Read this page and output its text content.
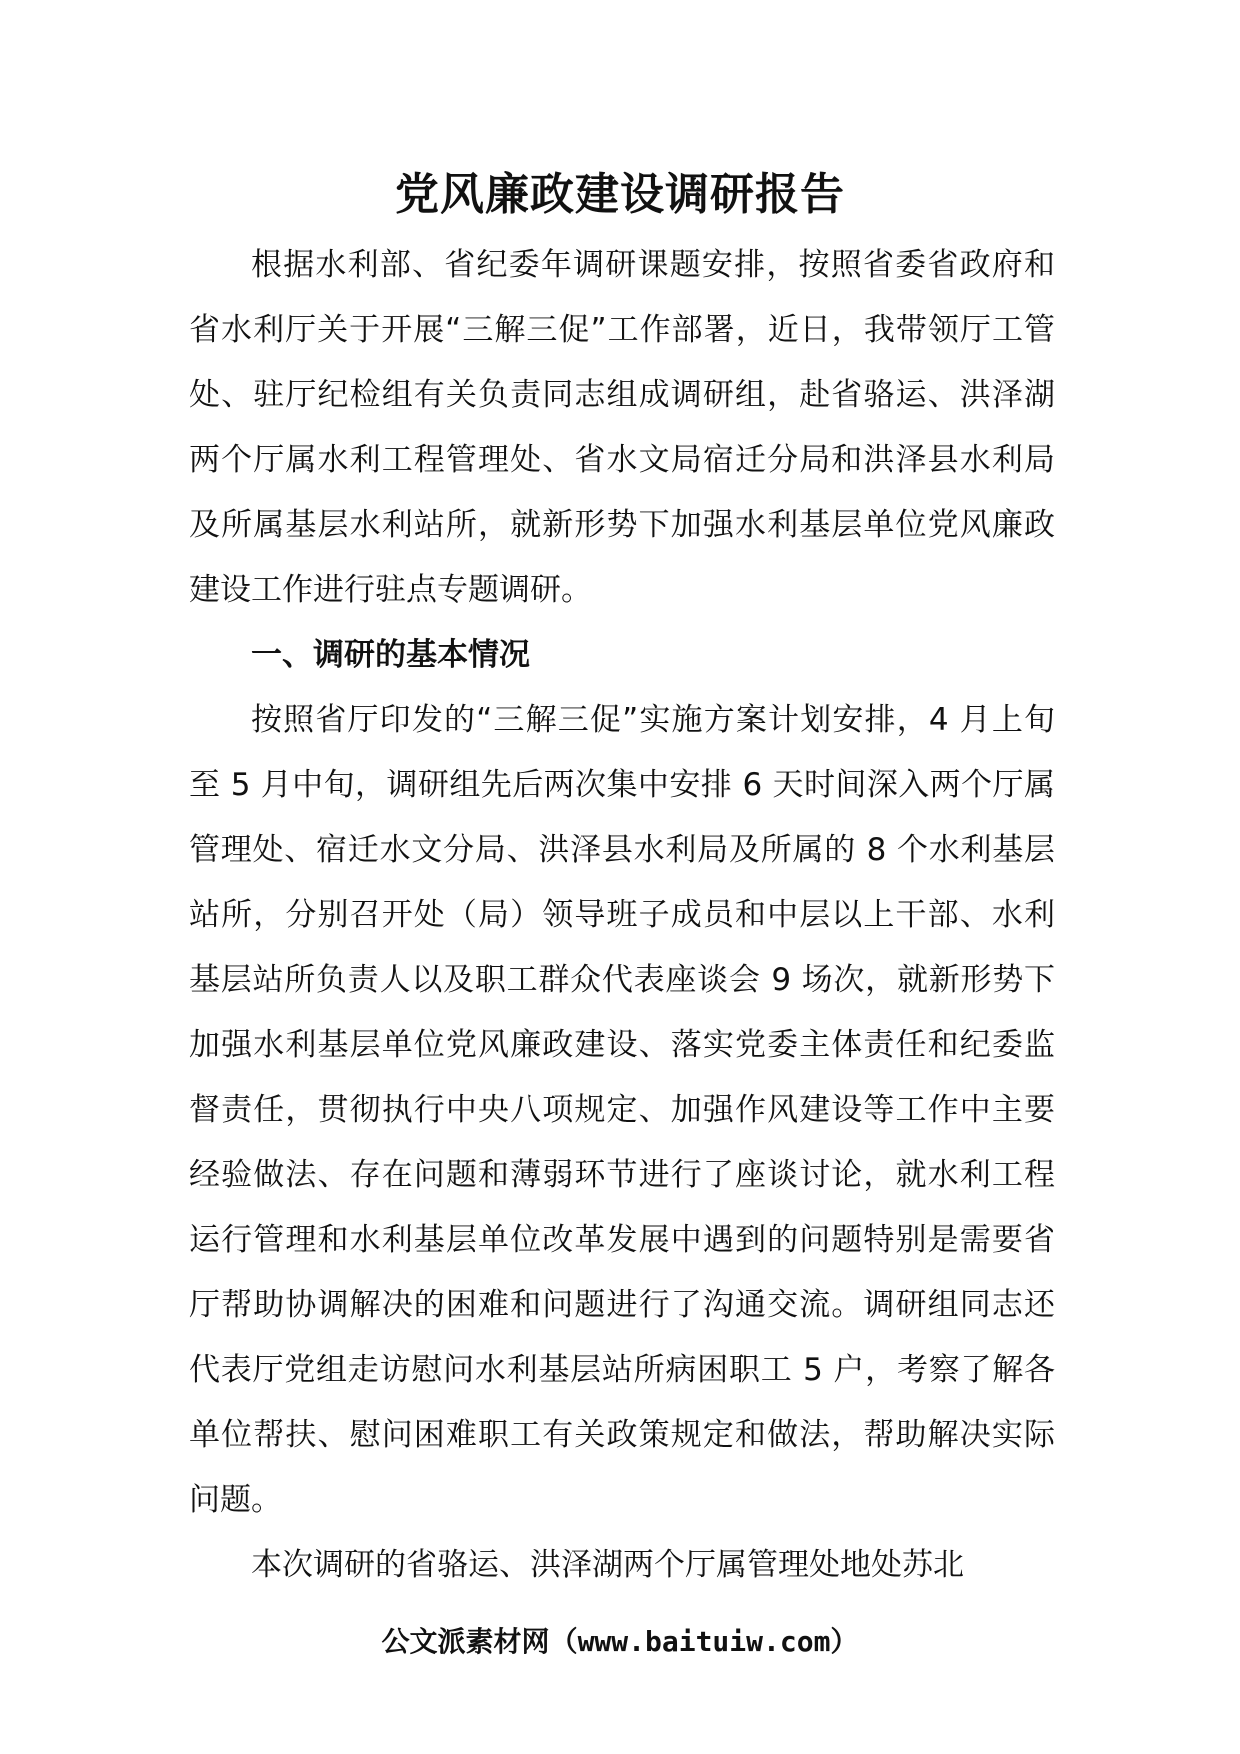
党风廉政建设调研报告

根据水利部、省纪委年调研课题安排，按照省委省政府和省水利厅关于开展“三解三促”工作部署，近日，我带领厅工管处、驻厅纪检组有关负责同志组成调研组，赴省骆运、洪泽湖两个厅属水利工程管理处、省水文局宿迁分局和洪泽县水利局及所属基层水利站所，就新形势下加强水利基层单位党风廉政建设工作进行驻点专题调研。

一、调研的基本情况

按照省厅印发的“三解三促”实施方案计划安排，4 月上旬至 5 月中旬，调研组先后两次集中安排 6 天时间深入两个厅属管理处、宿迁水文分局、洪泽县水利局及所属的 8 个水利基层站所，分别召开处（局）领导班子成员和中层以上干部、水利基层站所负责人以及职工群众代表座谈会 9 场次，就新形势下加强水利基层单位党风廉政建设、落实党委主体责任和纪委监督责任，贯彻执行中央八项规定、加强作风建设等工作中主要经验做法、存在问题和薄弱环节进行了座谈讨论，就水利工程运行管理和水利基层单位改革发展中遇到的问题特别是需要省厅帮助协调解决的困难和问题进行了沟通交流。调研组同志还代表厅党组走访慰问水利基层站所病困职工 5 户，考察了解各单位帮扶、慰问困难职工有关政策规定和做法，帮助解决实际问题。

本次调研的省骆运、洪泽湖两个厅属管理处地处苏北

公文派素材网（www.baituiw.com）
